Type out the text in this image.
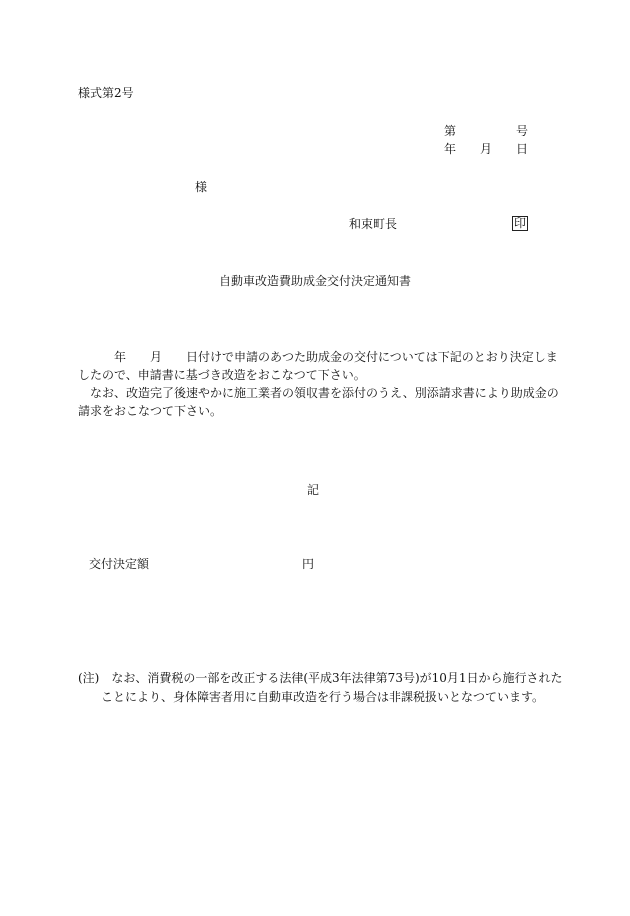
様式第2号
第　　　　　号
年　　月　　日
様
和束町長	印
自動車改造費助成金交付決定通知書

　　　年　　月　　日付けで申請のあつた助成金の交付については下記のとおり決定しま

したので、申請書に基づき改造をおこなつて下さい。

　なお、改造完了後速やかに施工業者の領収書を添付のうえ、別添請求書により助成金の

請求をおこなつて下さい。

記
交付決定額	円
(注)　なお、消費税の一部を改正する法律(平成3年法律第73号)が10月1日から施行された
ことにより、身体障害者用に自動車改造を行う場合は非課税扱いとなつています。
